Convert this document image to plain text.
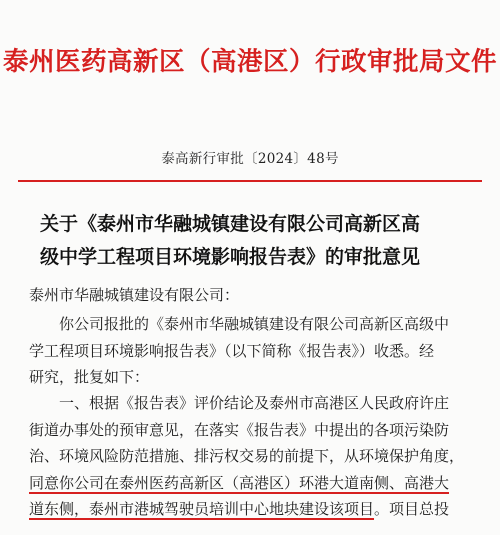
泰州医药高新区（高港区）行政审批局文件
泰高新行审批〔2024〕48号
关于《泰州市华融城镇建设有限公司高新区高
级中学工程项目环境影响报告表》的审批意见
泰州市华融城镇建设有限公司：
你公司报批的《泰州市华融城镇建设有限公司高新区高级中
学工程项目环境影响报告表》（以下简称《报告表》）收悉。经
研究，批复如下：
一、根据《报告表》评价结论及泰州市高港区人民政府许庄
街道办事处的预审意见，在落实《报告表》中提出的各项污染防
治、环境风险防范措施、排污权交易的前提下，从环境保护角度，
同意你公司在泰州医药高新区（高港区）环港大道南侧、高港大
道东侧，泰州市港城驾驶员培训中心地块建设该项目。项目总投
